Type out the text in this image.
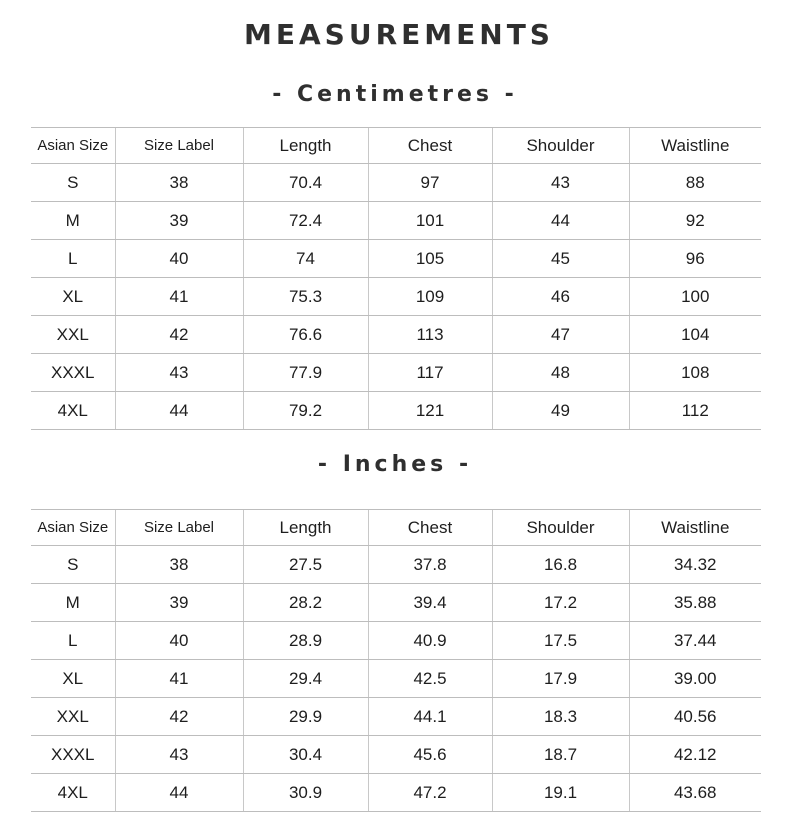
MEASUREMENTS
- Centimetres -
Asian Size	Size Label	Length	Chest	Shoulder	Waistline
S	38	70.4	97	43	88
M	39	72.4	101	44	92
L	40	74	105	45	96
XL	41	75.3	109	46	100
XXL	42	76.6	113	47	104
XXXL	43	77.9	117	48	108
4XL	44	79.2	121	49	112
- Inches -
Asian Size	Size Label	Length	Chest	Shoulder	Waistline
S	38	27.5	37.8	16.8	34.32
M	39	28.2	39.4	17.2	35.88
L	40	28.9	40.9	17.5	37.44
XL	41	29.4	42.5	17.9	39.00
XXL	42	29.9	44.1	18.3	40.56
XXXL	43	30.4	45.6	18.7	42.12
4XL	44	30.9	47.2	19.1	43.68
